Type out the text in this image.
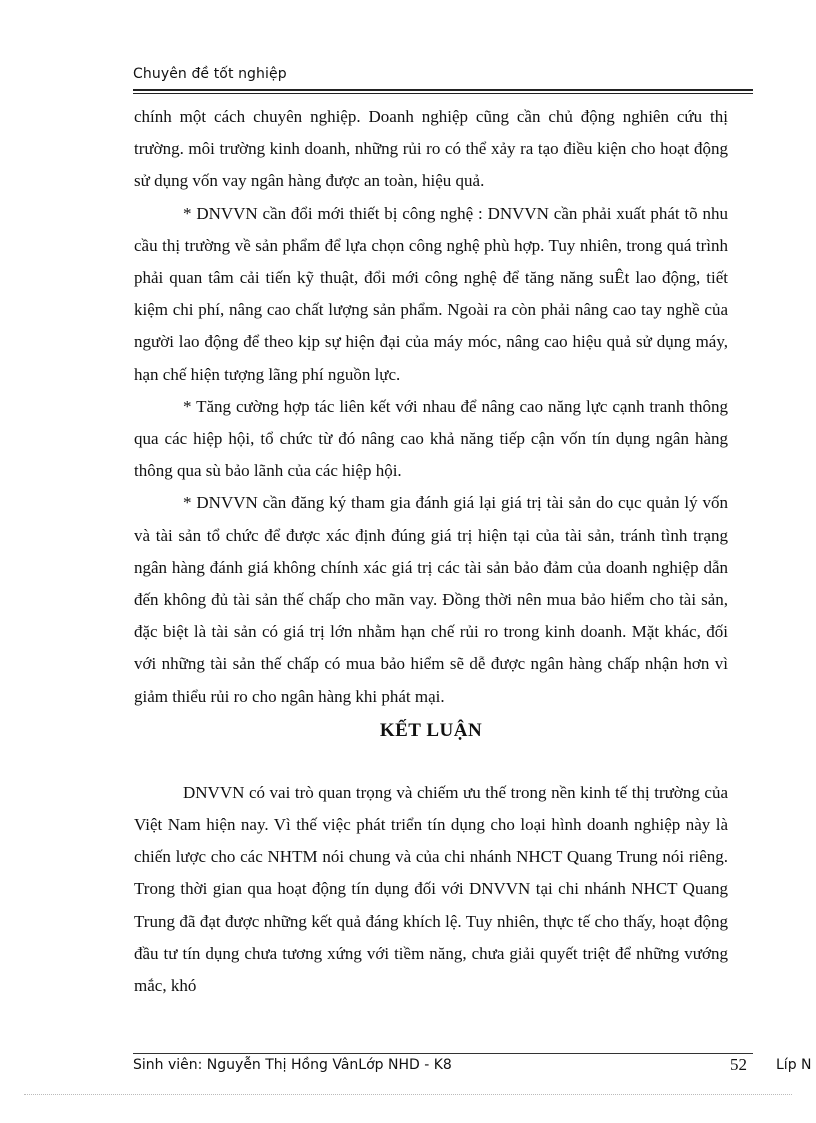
Chuyên đề tốt nghiệp

chính một cách chuyên nghiệp. Doanh nghiệp cũng cần chủ động nghiên cứu thị trường. môi trường kinh doanh, những rủi ro có thể xảy ra tạo điều kiện cho hoạt động sử dụng vốn vay ngân hàng được an toàn, hiệu quả.

* DNVVN cần đổi mới thiết bị công nghệ : DNVVN cần phải xuất phát tõ nhu cầu thị trường về sản phẩm để lựa chọn công nghệ phù hợp. Tuy nhiên, trong quá trình phải quan tâm cải tiến kỹ thuật, đổi mới công nghệ để tăng năng suÊt lao động, tiết kiệm chi phí, nâng cao chất lượng sản phẩm. Ngoài ra còn phải nâng cao tay nghề của người lao động để theo kịp sự hiện đại của máy móc, nâng cao hiệu quả sử dụng máy, hạn chế hiện tượng lãng phí nguồn lực.

* Tăng cường hợp tác liên kết với nhau để nâng cao năng lực cạnh tranh thông qua các hiệp hội, tổ chức từ đó nâng cao khả năng tiếp cận vốn tín dụng ngân hàng thông qua sù bảo lãnh của các hiệp hội.

* DNVVN cần đăng ký tham gia đánh giá lại giá trị tài sản do cục quản lý vốn và tài sản tổ chức để được xác định đúng giá trị hiện tại của tài sản, tránh tình trạng ngân hàng đánh giá không chính xác giá trị các tài sản bảo đảm của doanh nghiệp dẫn đến không đủ tài sản thế chấp cho mãn vay. Đồng thời nên mua bảo hiểm cho tài sản, đặc biệt là tài sản có giá trị lớn nhằm hạn chế rủi ro trong kinh doanh. Mặt khác, đối với những tài sản thế chấp có mua bảo hiểm sẽ dễ được ngân hàng chấp nhận hơn vì giảm thiểu rủi ro cho ngân hàng khi phát mại.

KẾT LUẬN

DNVVN có vai trò quan trọng và chiếm ưu thế trong nền kinh tế thị trường của Việt Nam hiện nay. Vì thế việc phát triển tín dụng cho loại hình doanh nghiệp này là chiến lược cho các NHTM nói chung và của chi nhánh NHCT Quang Trung nói riêng. Trong thời gian qua hoạt động tín dụng đối với DNVVN tại chi nhánh NHCT Quang Trung đã đạt được những kết quả đáng khích lệ. Tuy nhiên, thực tế cho thấy, hoạt động đầu tư tín dụng chưa tương xứng với tiềm năng, chưa giải quyết triệt để những vướng mắc, khó

Sinh viên: Nguyễn Thị Hồng VânLớp NHD - K8	52 Líp N
